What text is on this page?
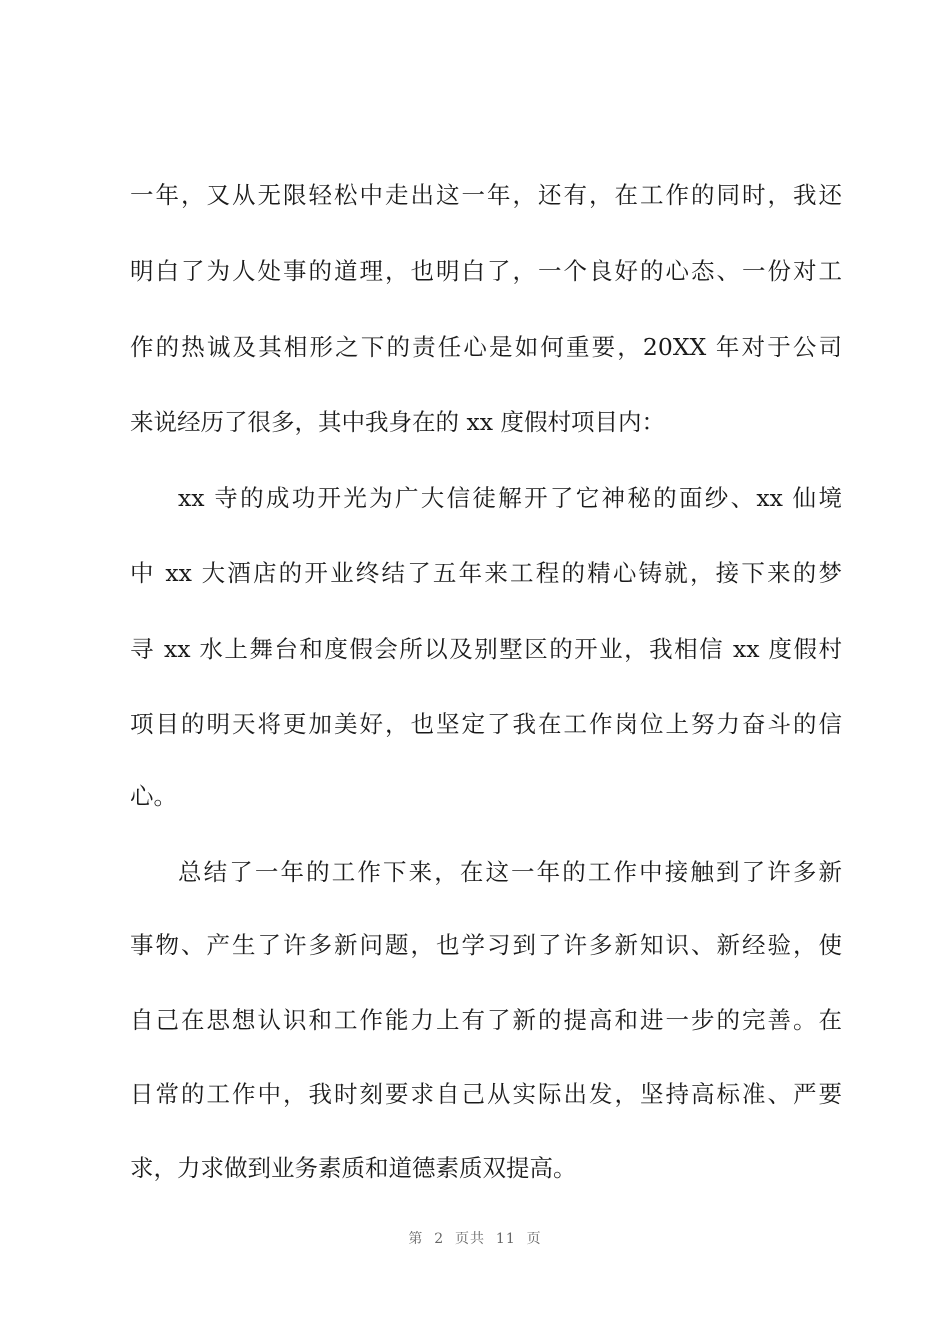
一年，又从无限轻松中走出这一年，还有，在工作的同时，我还
明白了为人处事的道理，也明白了，一个良好的心态、一份对工
作的热诚及其相形之下的责任心是如何重要，20XX 年对于公司
来说经历了很多，其中我身在的 xx 度假村项目内：
xx 寺的成功开光为广大信徒解开了它神秘的面纱、xx 仙境
中 xx 大酒店的开业终结了五年来工程的精心铸就，接下来的梦
寻 xx 水上舞台和度假会所以及别墅区的开业，我相信 xx 度假村
项目的明天将更加美好，也坚定了我在工作岗位上努力奋斗的信
心。
总结了一年的工作下来，在这一年的工作中接触到了许多新
事物、产生了许多新问题，也学习到了许多新知识、新经验，使
自己在思想认识和工作能力上有了新的提高和进一步的完善。在
日常的工作中，我时刻要求自己从实际出发，坚持高标准、严要
求，力求做到业务素质和道德素质双提高。
第  2  页共  11  页
